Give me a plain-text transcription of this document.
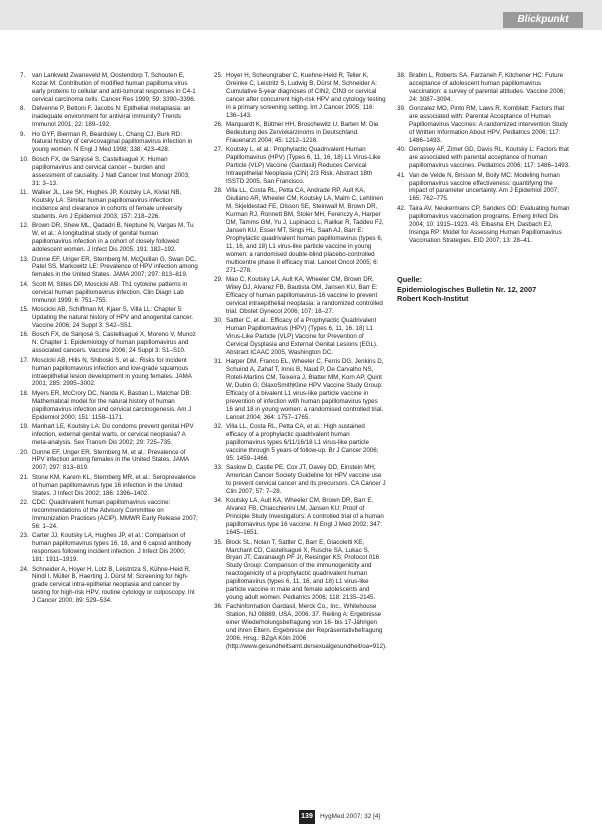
Blickpunkt
7.	van Lankveld Zwaneveld M, Oostendorp T, Schouten E, Kozar M: Contribution of modified human papilloma virus early proteins to cellular and anti-tumoral responses in C4-1 cervical carcinoma cells. Cancer Res 1999; 59: 3390–3396.
8.	Delvenne P, Bettoni F, Jacobs N: Epithelial metaplasia: an inadequate environment for antiviral immunity? Trends Immunol 2001; 22: 189–192.
9.	Ho GYF, Bierman R, Beardsley L, Chang CJ, Burk RD: Natural history of cervicovaginal papillomavirus infection in young women. N Engl J Med 1998; 338: 423–428.
10. Bosch FX, de Sanjosé S, Castellsagué X: Human papillomavirus and cervical cancer – burden and assessment of causality. J Natl Cancer Inst Monogr 2003; 31: 3–13.
11. Walker JL, Lee SK, Hughes JP, Koutsky LA, Kiviat NB, Koutsky LA: Similar human papillomavirus infection incidence and clearance in cohorts of female university students. Am J Epidemiol 2003; 157: 218–226.
12. Brown DR, Shew ML, Qadadri B, Neptune N, Vargas M, Tu W, et al.: A longitudinal study of genital human papillomavirus infection in a cohort of closely followed adolescent women. J Infect Dis 2005; 191: 182–192.
13. Dunne EF, Unger ER, Sternberg M, McQuillan G, Swan DC, Patel SS, Markowitz LE: Prevalence of HPV infection among females in the United States. JAMA 2007; 297: 813–819.
14. Scott M, Stites DP, Moscicki AB: Th1 cytokine patterns in cervical human papillomavirus infection. Clin Diagn Lab Immunol 1999; 6: 751–755.
15. Moscicki AB, Schiffman M, Kjaer S, Villa LL: Chapter 5: Updating the natural history of HPV and anogenital cancer. Vaccine 2006; 24 Suppl 3: S42–S51.
16. Bosch FX, de Sanjosé S, Castellsagué X, Moreno V, Munoz N: Chapter 1: Epidemiology of human papillomavirus and associated cancers. Vaccine 2006; 24 Suppl 3: S1–S10.
17. Moscicki AB, Hills N, Shiboski S, et al.: Risks for incident human papillomavirus infection and low-grade squamous intraepithelial lesion development in young females. JAMA 2001; 285: 2995–3002.
18. Myers ER, McCrory DC, Nanda K, Bastian L, Matchar DB: Mathematical model for the natural history of human papillomavirus infection and cervical carcinogenesis. Am J Epidemiol 2000; 151: 1158–1171.
19. Manhart LE, Koutsky LA: Do condoms prevent genital HPV infection, external genital warts, or cervical neoplasia? A meta-analysis. Sex Transm Dis 2002; 29: 725–735.
20. Dunne EF, Unger ER, Sternberg M, et al.: Prevalence of HPV infection among females in the United States. JAMA 2007; 297: 813–819.
21. Stone KM, Karem KL, Sternberg MR, et al.: Seroprevalence of human papillomavirus type 16 infection in the United States. J Infect Dis 2002; 186: 1396–1402.
22. CDC: Quadrivalent human papillomavirus vaccine: recommendations of the Advisory Committee on Immunization Practices (ACIP). MMWR Early Release 2007; 56: 1–24.
23. Carter JJ, Koutsky LA, Hughes JP, et al.: Comparison of human papillomavirus types 16, 18, and 6 capsid antibody responses following incident infection. J Infect Dis 2000; 181: 1911–1919.
24. Schneider A, Hoyer H, Lotz B, Leistritza S, Kühne-Heid R, Nindl I, Müller B, Haerting J, Dürst M: Screening for high-grade cervical intra-epithelial neoplasia and cancer by testing for high-risk HPV, routine cytology or colposcopy. Int J Cancer 2000; 89: 529–534.
25. Hoyer H, Scheungraber C, Kuehne-Heid R, Teller K, Greinke C, Leistritz S, Ludwig B, Dürst M, Schneider A: Cumulative 5-year diagnoses of CIN2, CIN3 or cervical cancer after concurrent high-risk HPV and cytology testing in a primary screening setting. Int J Cancer 2005; 116: 136–143.
26. Marquardt K, Büttner HH, Broschewitz U, Barten M: Die Bedeutung des Zervixkarzinoms in Deutschland. Frauenarzt 2004; 45: 1212–1216.
27. Koutsky L, et al.: Prophylactic Quadrivalent Human Papillomavirus (HPV) (Types 6, 11, 16, 18) L1 Virus-Like Particle (VLP) Vaccine (Gardasil) Reduces Cervical Intraepithelial Neoplasia (CIN) 2/3 Risk. Abstract 18th ISSTD 2005, San Francisco.
28. Villa LL, Costa RL, Petta CA, Andrade RP, Ault KA, Giuliano AR, Wheeler CM, Koutsky LA, Malm C, Lehtinen M, Skjeldestad FE, Olsson SE, Steinwall M, Brown DR, Kurman RJ, Ronnett BM, Stoler MH, Ferenczy A, Harper DM, Tamms GM, Yu J, Lupinacci L, Railkar R, Taddeo FJ, Jansen KU, Esser MT, Sings HL, Saah AJ, Barr E: Prophylactic quadrivalent human papillomavirus (types 6, 11, 16, and 18) L1 virus-like particle vaccine in young women: a randomised double-blind placebo-controlled multicentre phase II efficacy trial. Lancet Oncol 2005; 6: 271–278.
29. Mao C, Koutsky LA, Ault KA, Wheeler CM, Brown DR, Wiley DJ, Alvarez FB, Bautista OM, Jansen KU, Barr E: Efficacy of human papillomavirus-16 vaccine to prevent cervical intraepithelial neoplasia: a randomized controlled trial. Obstet Gynecol 2006; 107: 18–27.
30. Sattler C, et al.: Efficacy of a Prophylactic Quadrivalent Human Papillomavirus (HPV) (Types 6, 11, 16, 18) L1 Virus-Like Particle (VLP) Vaccine for Prevention of Cervical Dysplasia and External Genital Lesions (EGL). Abstract ICAAC 2005, Washington DC.
31. Harper DM, Franco EL, Wheeler C, Ferris DG, Jenkins D, Schuind A, Zahaf T, Innis B, Naud P, De Carvalho NS, Roteli-Martins CM, Teixeira J, Blatter MM, Korn AP, Quint W, Dubin G; GlaxoSmithKline HPV Vaccine Study Group: Efficacy of a bivalent L1 virus-like particle vaccine in prevention of infection with human papillomavirus types 16 and 18 in young women: a randomised controlled trial. Lancet 2004; 364: 1757–1765.
32. Villa LL, Costa RL, Petta CA, et al.: High sustained efficacy of a prophylactic quadrivalent human papillomavirus types 6/11/16/18 L1 virus-like particle vaccine through 5 years of follow-up. Br J Cancer 2006; 95: 1459–1466.
33. Saslow D, Castle PE, Cox JT, Davey DD, Einstein MH; American Cancer Society Guideline for HPV vaccine use to prevent cervical cancer and its precursors. CA Cancer J Clin 2007; 57: 7–28.
34. Koutsky LA, Ault KA, Wheeler CM, Brown DR, Barr E, Alvarez FB, Chiacchierini LM, Jansen KU; Proof of Principle Study Investigators: A controlled trial of a human papillomavirus type 16 vaccine. N Engl J Med 2002; 347: 1645–1651.
35. Block SL, Nolan T, Sattler C, Barr E, Giacoletti KE, Marchant CD, Castellsagué X, Rusche SA, Lukac S, Bryan JT, Cavanaugh PF Jr, Reisinger KS; Protocol 016 Study Group: Comparison of the immunogenicity and reactogenicity of a prophylactic quadrivalent human papillomavirus (types 6, 11, 16, and 18) L1 virus-like particle vaccine in male and female adolescents and young adult women. Pediatrics 2006; 118: 2135–2145.
36. Fachinformation Gardasil, Merck Co., Inc., Whitehouse Station, NJ 08889, USA, 2006. 37. Reiling A: Ergebnisse einer Wiederholungsbefragung von 16- bis 17-Jährigen und ihren Eltern. Ergebnisse der Repräsentativbefragung 2006. Hrsg.: BZgA Köln 2006 (http://www.gesundheitsamt.de/sexualgesundheit/oa=912).
38. Brabin L, Roberts SA, Farzaneh F, Kitchener HC: Future acceptance of adolescent human papillomavirus vaccination: a survey of parental attitudes. Vaccine 2006; 24: 3087–3094.
39. Gonzalez MO, Pinto RM, Laws R, Kornblatt: Factors that are associated with: Parental Acceptance of Human Papillomavirus Vaccines: A randomized intervention Study of Written Information About HPV. Pediatrics 2006; 117: 1486–1493.
40. Dempsey AF, Zimet GD, Davis RL, Koutsky L: Factors that are associated with parental acceptance of human papillomavirus vaccines. Pediatrics 2006; 117: 1486–1493.
41. Van de Velde N, Brisson M, Boily MC: Modeling human papillomavirus vaccine effectiveness: quantifying the impact of parameter uncertainty. Am J Epidemiol 2007; 165: 762–775.
42. Taira AV, Neukermans CP, Sanders GD: Evaluating human papillomavirus vaccination programs. Emerg Infect Dis 2004; 10: 1915–1923. 43. Elbasha EH, Dasbach EJ, Insinga RP: Model for Assessing Human Papillomavirus Vaccination Strategies. EID 2007; 13: 28–41.
Quelle:
Epidemiologisches Bulletin Nr. 12, 2007
Robert Koch-Institut
139	HygMed 2007; 32 [4]
